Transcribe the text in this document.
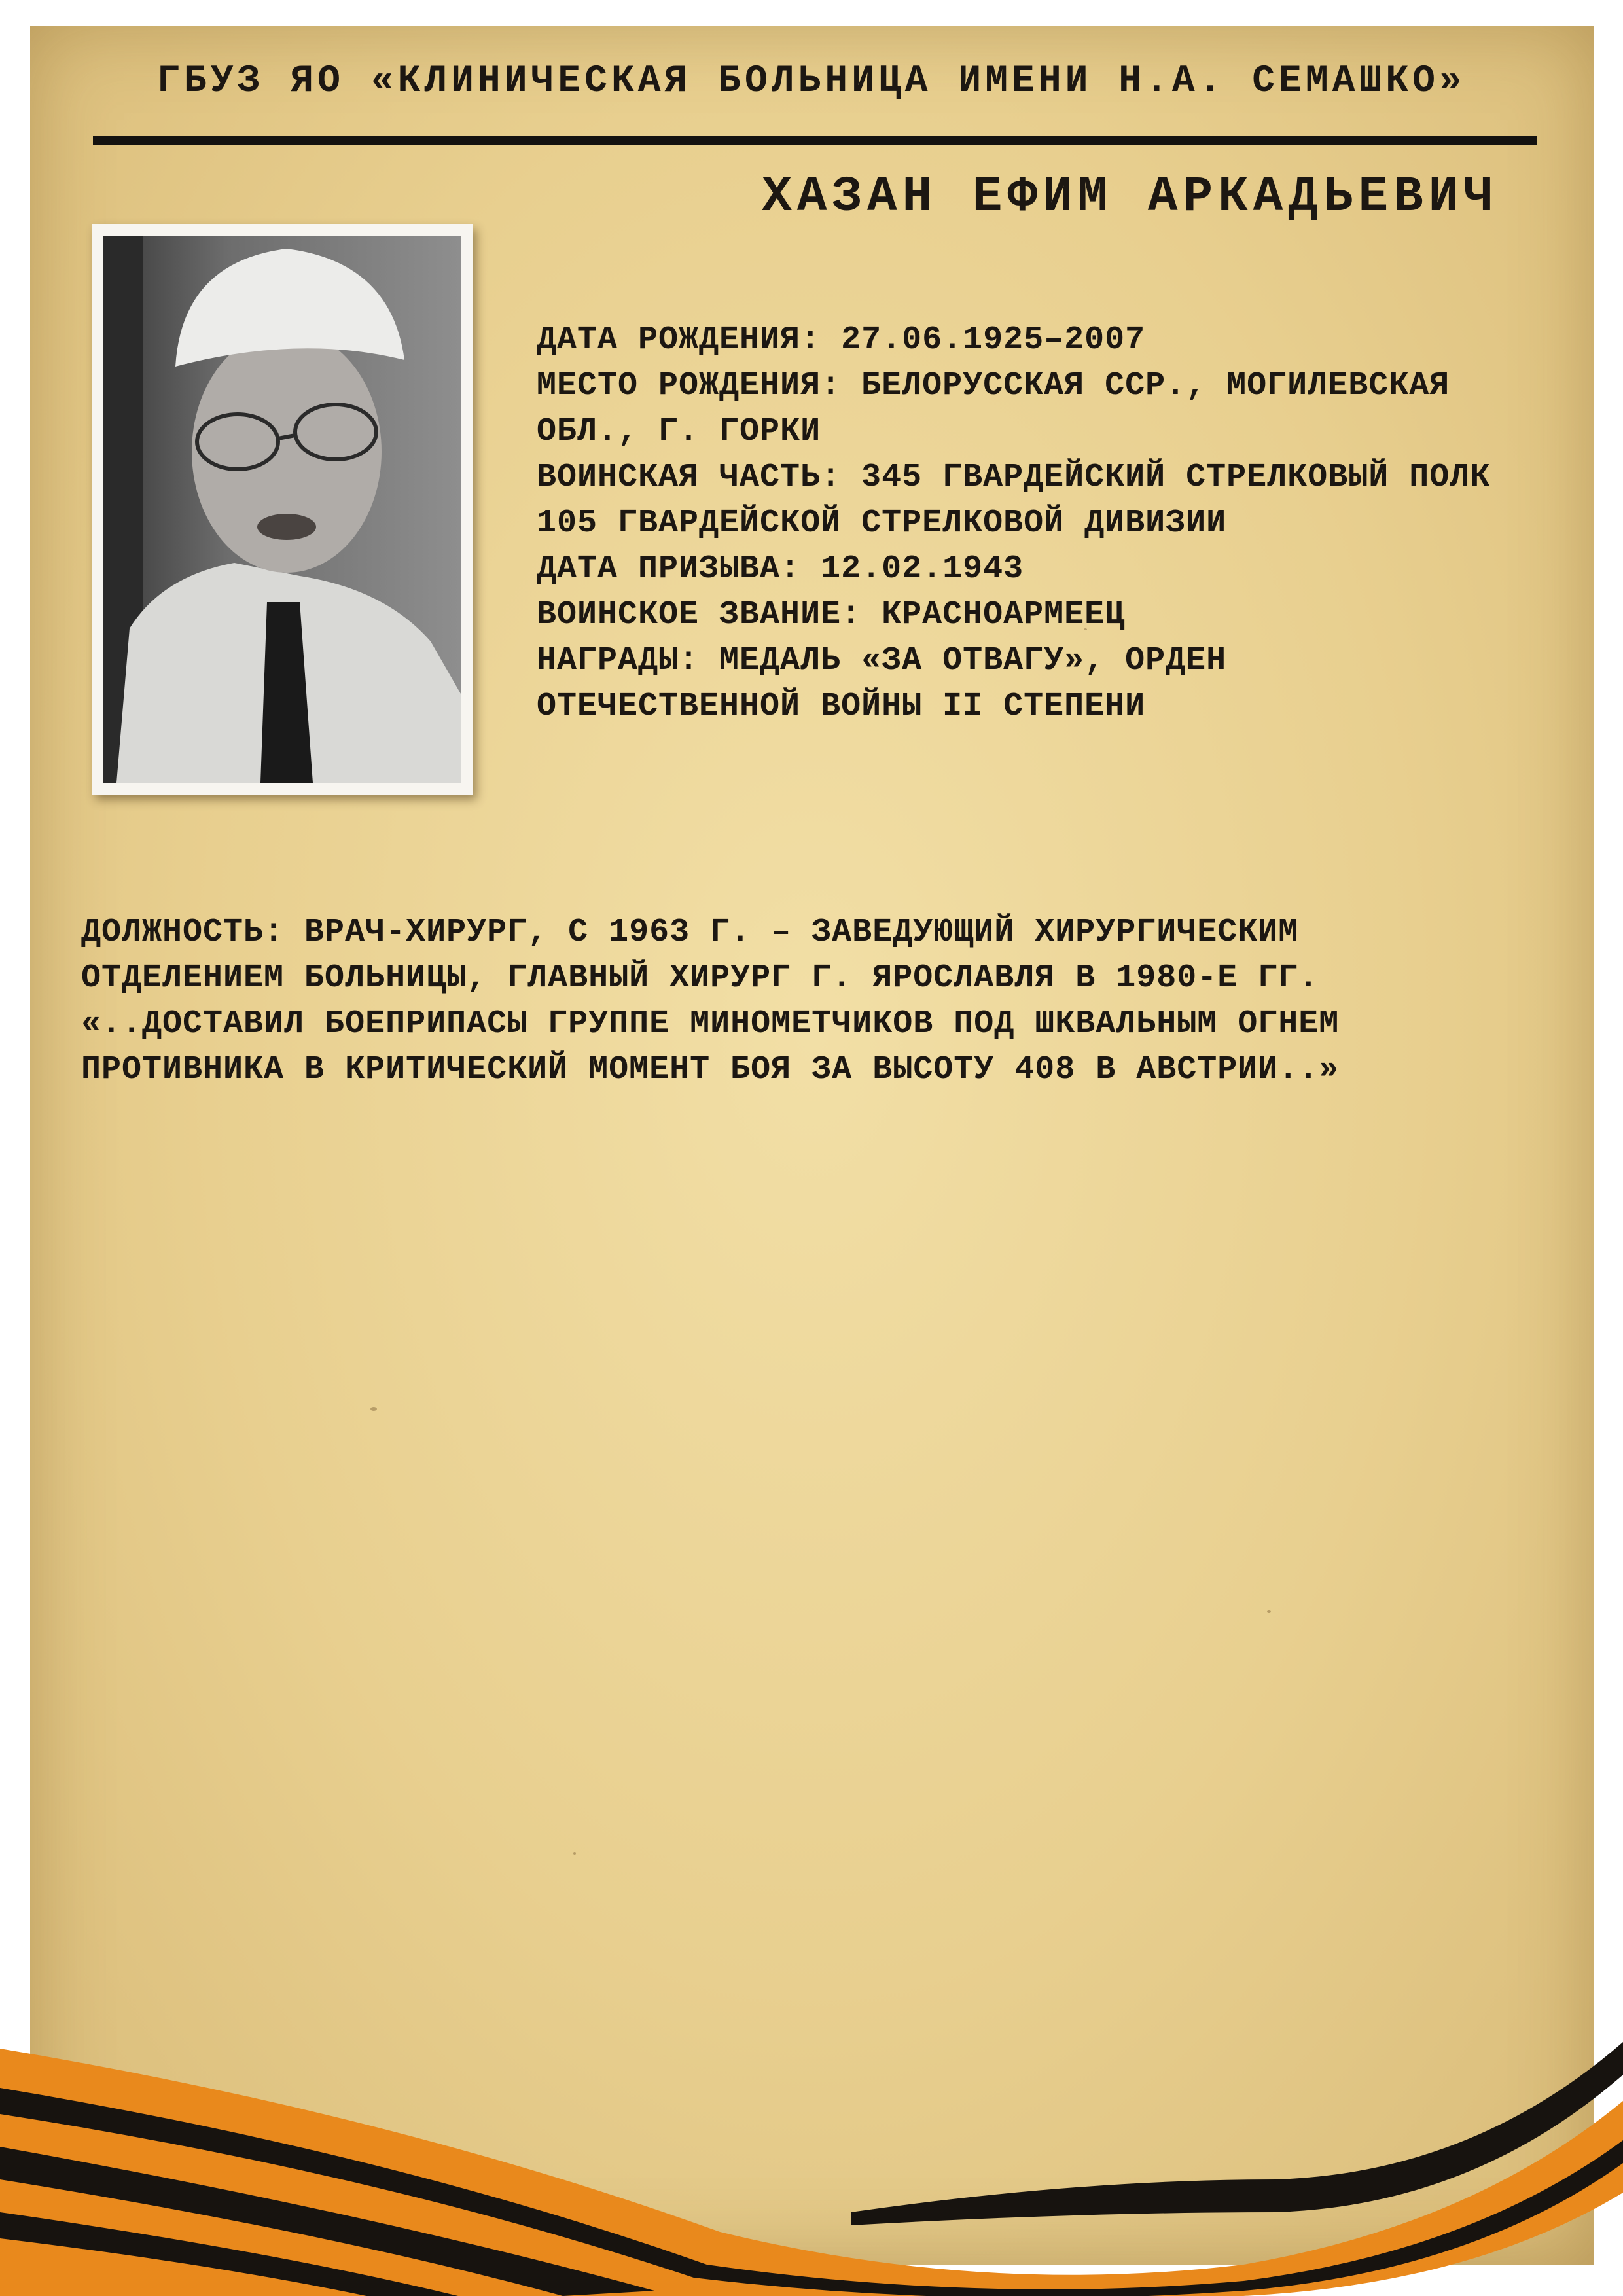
ГБУЗ ЯО «КЛИНИЧЕСКАЯ БОЛЬНИЦА ИМЕНИ Н.А. СЕМАШКО»
ХАЗАН ЕФИМ АРКАДЬЕВИЧ
ДАТА РОЖДЕНИЯ: 27.06.1925–2007
МЕСТО РОЖДЕНИЯ: БЕЛОРУССКАЯ ССР., МОГИЛЕВСКАЯ
ОБЛ., Г. ГОРКИ
ВОИНСКАЯ ЧАСТЬ: 345 ГВАРДЕЙСКИЙ СТРЕЛКОВЫЙ ПОЛК
105 ГВАРДЕЙСКОЙ СТРЕЛКОВОЙ ДИВИЗИИ
ДАТА ПРИЗЫВА: 12.02.1943
ВОИНСКОЕ ЗВАНИЕ: КРАСНОАРМЕЕЦ
НАГРАДЫ: МЕДАЛЬ «ЗА ОТВАГУ», ОРДЕН
ОТЕЧЕСТВЕННОЙ ВОЙНЫ II СТЕПЕНИ
ДОЛЖНОСТЬ: ВРАЧ-ХИРУРГ, С 1963 Г. – ЗАВЕДУЮЩИЙ ХИРУРГИЧЕСКИМ
ОТДЕЛЕНИЕМ БОЛЬНИЦЫ, ГЛАВНЫЙ ХИРУРГ Г. ЯРОСЛАВЛЯ В 1980-Е ГГ.
«..ДОСТАВИЛ БОЕПРИПАСЫ ГРУППЕ МИНОМЕТЧИКОВ ПОД ШКВАЛЬНЫМ ОГНЕМ
ПРОТИВНИКА В КРИТИЧЕСКИЙ МОМЕНТ БОЯ ЗА ВЫСОТУ 408 В АВСТРИИ..»
